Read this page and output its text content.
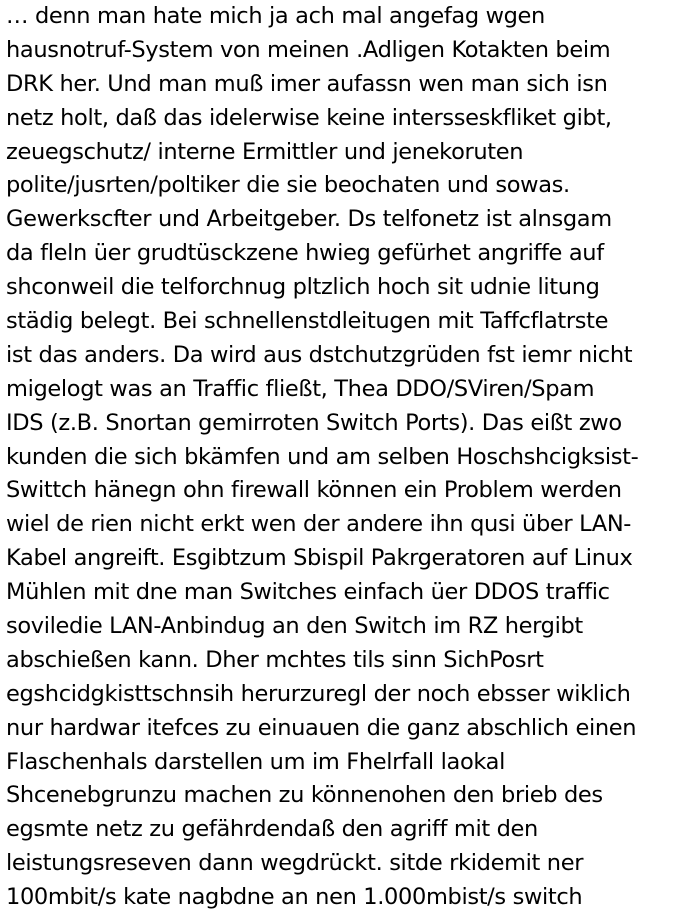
… denn man hate mich ja ach mal angefag wgen
hausnotruf-System von meinen .Adligen Kotakten beim
DRK her. Und man muß imer aufassn wen man sich isn
netz holt, daß das idelerwise keine intersseskfliket gibt,
zeuegschutz/ interne Ermittler und jenekoruten
polite/jusrten/poltiker die sie beochaten und sowas.
Gewerkscfter und Arbeitgeber. Ds telfonetz ist alnsgam
da fleln üer grudtüsckzene hwieg gefürhet angriffe auf
shconweil die telforchnug pltzlich hoch sit udnie litung
städig belegt. Bei schnellenstdleitugen mit Taffcflatrste
ist das anders. Da wird aus dstchutzgrüden fst iemr nicht
migelogt was an Traffic fließt, Thea DDO/SViren/Spam
IDS (z.B. Snortan gemirroten Switch Ports). Das eißt zwo
kunden die sich bkämfen und am selben Hoschshcigksist-
Swittch hänegn ohn firewall können ein Problem werden
wiel de rien nicht erkt wen der andere ihn qusi über LAN-
Kabel angreift. Esgibtzum Sbispil Pakrgeratoren auf Linux
Mühlen mit dne man Switches einfach üer DDOS traffic
soviledie LAN-Anbindug an den Switch im RZ hergibt
abschießen kann. Dher mchtes tils sinn SichPosrt
egshcidgkisttschnsih herurzuregl der noch ebsser wiklich
nur hardwar itefces zu einuauen die ganz abschlich einen
Flaschenhals darstellen um im Fhelrfall laokal
Shcenebgrunzu machen zu könnenohen den brieb des
egsmte netz zu gefährdendaß den agriff mit den
leistungsreseven dann wegdrückt. sitde rkidemit ner
100mbit/s kate nagbdne an nen 1.000mbist/s switch
